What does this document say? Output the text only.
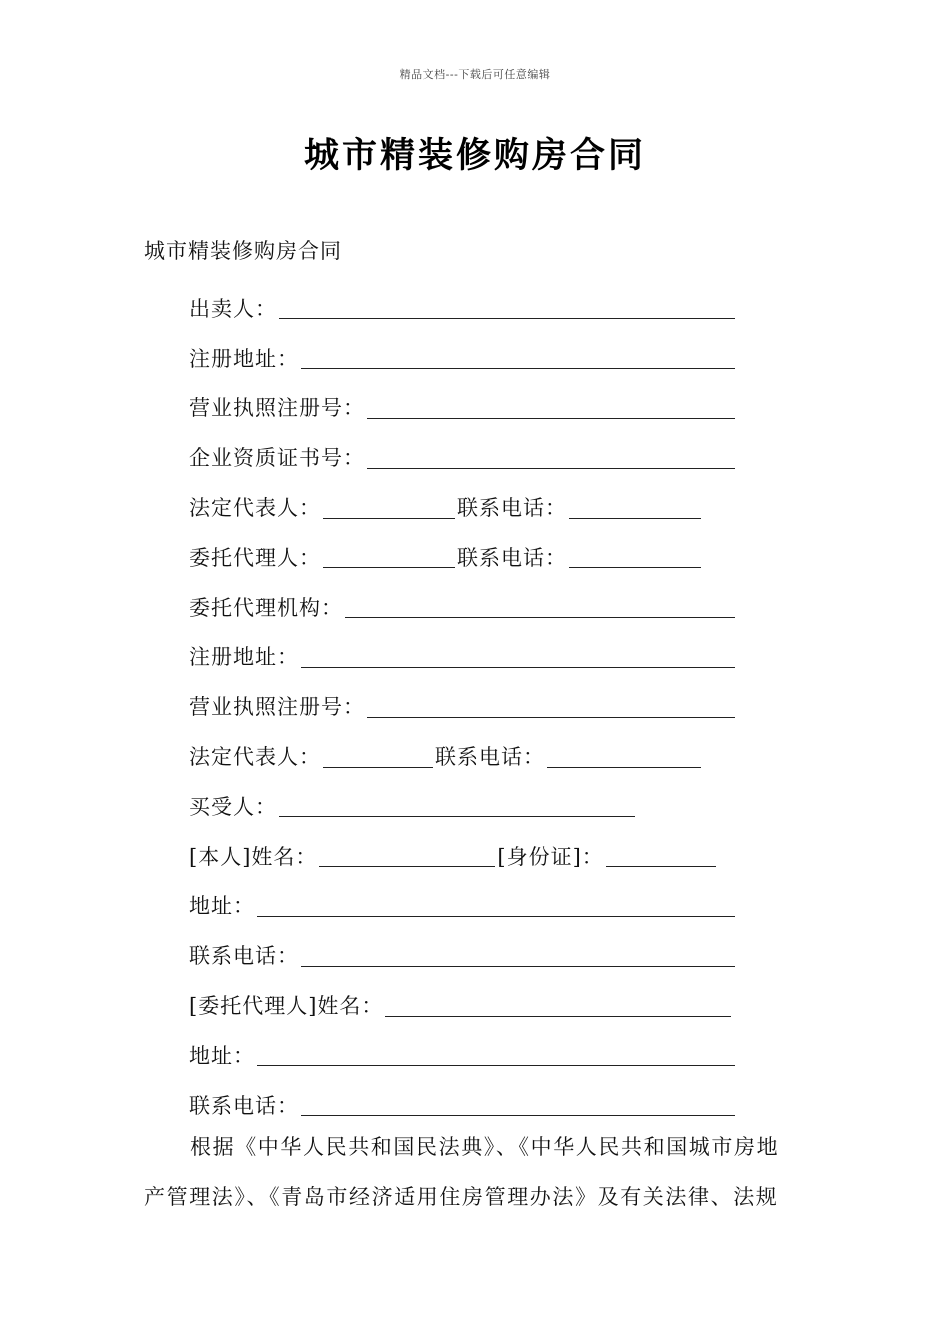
精品文档---下载后可任意编辑
城市精装修购房合同
城市精装修购房合同
出卖人：
注册地址：
营业执照注册号：
企业资质证书号：
法定代表人：	联系电话：
委托代理人：	联系电话：
委托代理机构：
注册地址：
营业执照注册号：
法定代表人：	联系电话：
买受人：
[本人]姓名：	[身份证]：
地址：
联系电话：
[委托代理人]姓名：
地址：
联系电话：
根据《中华人民共和国民法典》、《中华人民共和国城市房地
产管理法》、《青岛市经济适用住房管理办法》及有关法律、法规
